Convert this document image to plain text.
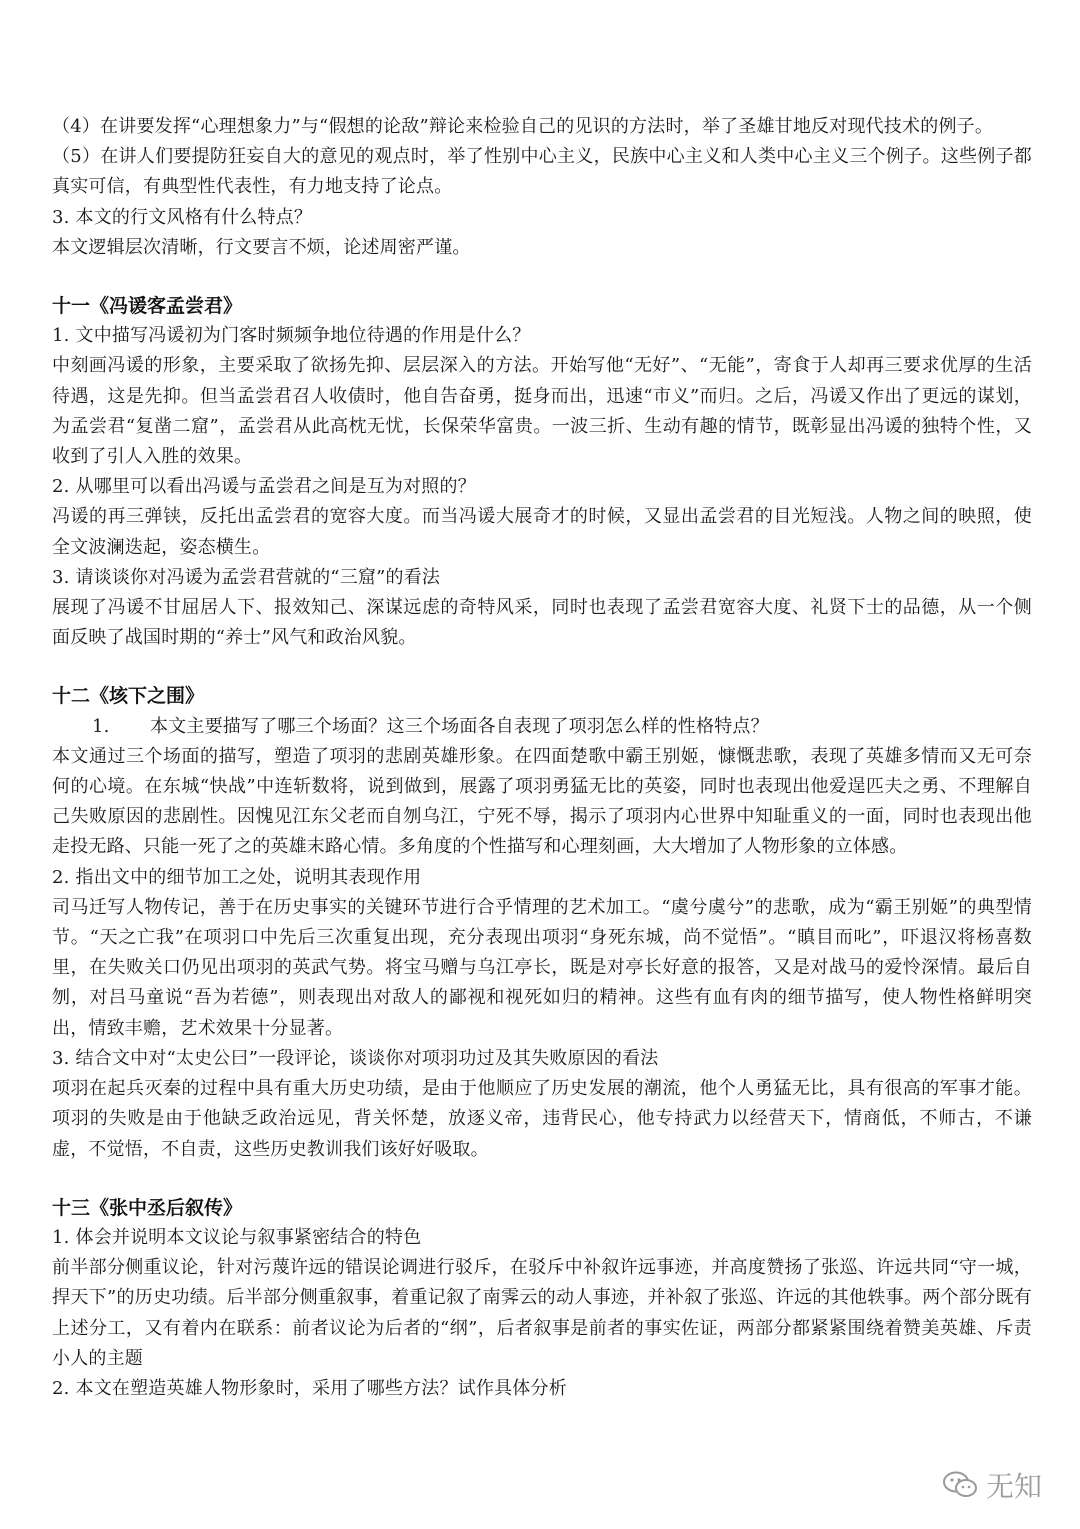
（4）在讲要发挥“心理想象力”与“假想的论敌”辩论来检验自己的见识的方法时，举了圣雄甘地反对现代技术的例子。

（5）在讲人们要提防狂妄自大的意见的观点时，举了性别中心主义，民族中心主义和人类中心主义三个例子。这些例子都真实可信，有典型性代表性，有力地支持了论点。

3. 本文的行文风格有什么特点？

本文逻辑层次清晰，行文要言不烦，论述周密严谨。

十一《冯谖客孟尝君》

1. 文中描写冯谖初为门客时频频争地位待遇的作用是什么？

中刻画冯谖的形象，主要采取了欲扬先抑、层层深入的方法。开始写他“无好”、“无能”，寄食于人却再三要求优厚的生活待遇，这是先抑。但当孟尝君召人收债时，他自告奋勇，挺身而出，迅速“市义”而归。之后，冯谖又作出了更远的谋划，为孟尝君“复凿二窟”，孟尝君从此高枕无忧，长保荣华富贵。一波三折、生动有趣的情节，既彰显出冯谖的独特个性，又收到了引人入胜的效果。

2. 从哪里可以看出冯谖与孟尝君之间是互为对照的？

冯谖的再三弹铗，反托出孟尝君的宽容大度。而当冯谖大展奇才的时候，又显出孟尝君的目光短浅。人物之间的映照，使全文波澜迭起，姿态横生。

3. 请谈谈你对冯谖为孟尝君营就的“三窟”的看法

展现了冯谖不甘屈居人下、报效知己、深谋远虑的奇特风采，同时也表现了孟尝君宽容大度、礼贤下士的品德，从一个侧面反映了战国时期的“养士”风气和政治风貌。

十二《垓下之围》

1. 本文主要描写了哪三个场面？这三个场面各自表现了项羽怎么样的性格特点？

本文通过三个场面的描写，塑造了项羽的悲剧英雄形象。在四面楚歌中霸王别姬，慷慨悲歌，表现了英雄多情而又无可奈何的心境。在东城“快战”中连斩数将，说到做到，展露了项羽勇猛无比的英姿，同时也表现出他爱逞匹夫之勇、不理解自己失败原因的悲剧性。因愧见江东父老而自刎乌江，宁死不辱，揭示了项羽内心世界中知耻重义的一面，同时也表现出他走投无路、只能一死了之的英雄末路心情。多角度的个性描写和心理刻画，大大增加了人物形象的立体感。

2. 指出文中的细节加工之处，说明其表现作用

司马迁写人物传记，善于在历史事实的关键环节进行合乎情理的艺术加工。“虞兮虞兮”的悲歌，成为“霸王别姬”的典型情节。“天之亡我”在项羽口中先后三次重复出现，充分表现出项羽“身死东城，尚不觉悟”。“瞋目而叱”，吓退汉将杨喜数里，在失败关口仍见出项羽的英武气势。将宝马赠与乌江亭长，既是对亭长好意的报答，又是对战马的爱怜深情。最后自刎，对吕马童说“吾为若德”，则表现出对敌人的鄙视和视死如归的精神。这些有血有肉的细节描写，使人物性格鲜明突出，情致丰赡，艺术效果十分显著。

3. 结合文中对“太史公曰”一段评论，谈谈你对项羽功过及其失败原因的看法

项羽在起兵灭秦的过程中具有重大历史功绩，是由于他顺应了历史发展的潮流，他个人勇猛无比，具有很高的军事才能。项羽的失败是由于他缺乏政治远见，背关怀楚，放逐义帝，违背民心，他专持武力以经营天下，情商低，不师古，不谦虚，不觉悟，不自责，这些历史教训我们该好好吸取。

十三《张中丞后叙传》

1. 体会并说明本文议论与叙事紧密结合的特色

前半部分侧重议论，针对污蔑许远的错误论调进行驳斥，在驳斥中补叙许远事迹，并高度赞扬了张巡、许远共同“守一城，捍天下”的历史功绩。后半部分侧重叙事，着重记叙了南霁云的动人事迹，并补叙了张巡、许远的其他轶事。两个部分既有上述分工，又有着内在联系：前者议论为后者的“纲”，后者叙事是前者的事实佐证，两部分都紧紧围绕着赞美英雄、斥责小人的主题

2. 本文在塑造英雄人物形象时，采用了哪些方法？试作具体分析

无知
